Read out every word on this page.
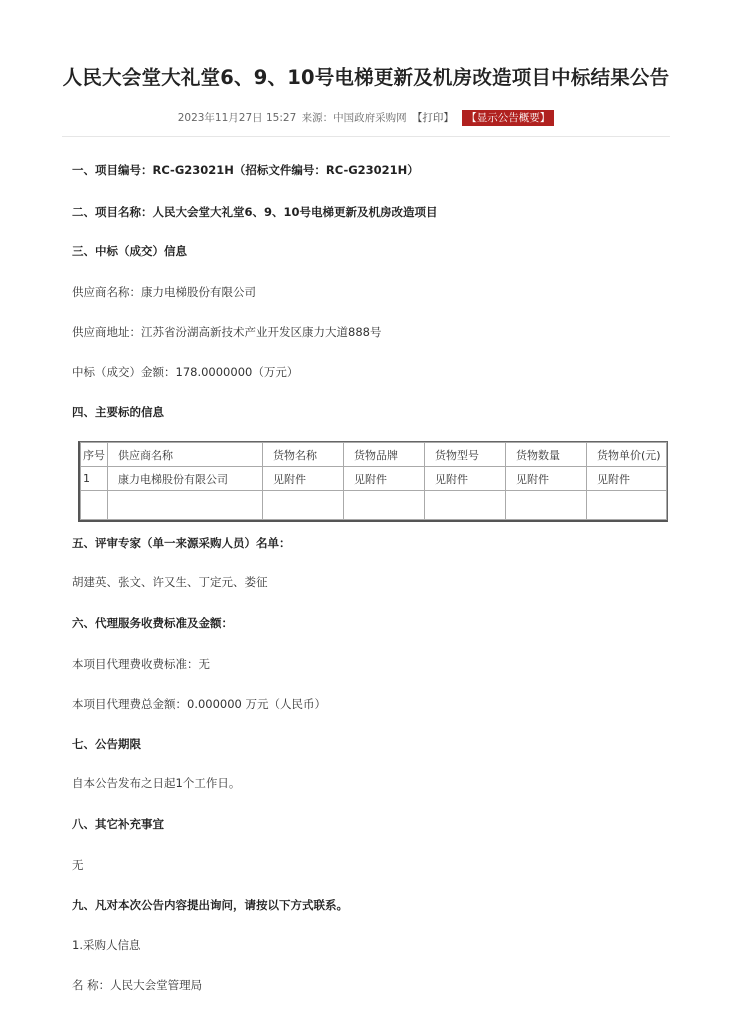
人民大会堂大礼堂6、9、10号电梯更新及机房改造项目中标结果公告
2023年11月27日 15:27 来源：中国政府采购网 【打印】 【显示公告概要】
一、项目编号：RC-G23021H（招标文件编号：RC-G23021H）
二、项目名称：人民大会堂大礼堂6、9、10号电梯更新及机房改造项目
三、中标（成交）信息
供应商名称：康力电梯股份有限公司
供应商地址：江苏省汾湖高新技术产业开发区康力大道888号
中标（成交）金额：178.0000000（万元）
四、主要标的信息
序号	供应商名称	货物名称	货物品牌	货物型号	货物数量	货物单价(元)
1	康力电梯股份有限公司	见附件	见附件	见附件	见附件	见附件

五、评审专家（单一来源采购人员）名单：
胡建英、张文、许又生、丁定元、娄征
六、代理服务收费标准及金额：
本项目代理费收费标准：无
本项目代理费总金额：0.000000 万元（人民币）
七、公告期限
自本公告发布之日起1个工作日。
八、其它补充事宜
无
九、凡对本次公告内容提出询问，请按以下方式联系。
1.采购人信息
名 称：人民大会堂管理局
